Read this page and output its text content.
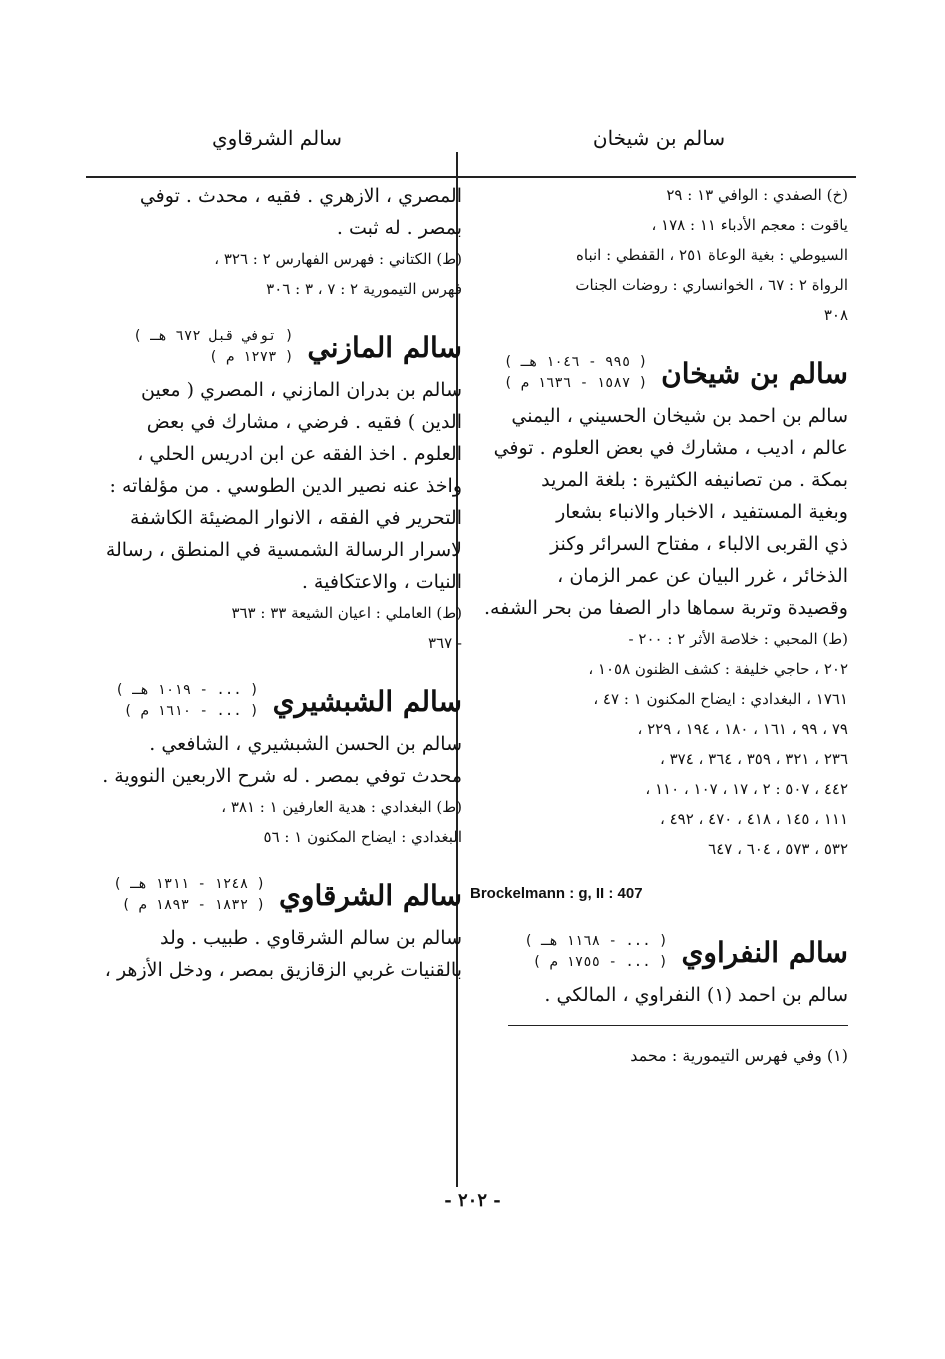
سالم بن شيخان

(خ) الصفدي : الوافي ١٣ : ٢٩

ياقوت : معجم الأدباء ١١ : ١٧٨ ،

السيوطي : بغية الوعاة ٢٥١ ، القفطي : انباه

الرواة ٢ : ٦٧ ، الخوانساري : روضات الجنات

٣٠٨

سالم بن شيخان
( ٩٩٥ - ١٠٤٦ هـ )
( ١٥٨٧ - ١٦٣٦ م )

سالم بن احمد بن شيخان الحسيني ، اليمني

عالم ، اديب ، مشارك في بعض العلوم . توفي

بمكة . من تصانيفه الكثيرة : بلغة المريد

وبغية المستفيد ، الاخبار والانباء بشعار

ذي القربى الالباء ، مفتاح السرائر وكنز

الذخائر ، غرر البيان عن عمر الزمان ،

وقصيدة وتربة سماها دار الصفا من بحر الشفه.

(ط) المحبي : خلاصة الأثر ٢ : ٢٠٠ -

٢٠٢ ، حاجي خليفة : كشف الظنون ١٠٥٨ ،

١٧٦١ ، البغدادي : ايضاح المكنون ١ : ٤٧ ،

٧٩ ، ٩٩ ، ١٦١ ، ١٨٠ ، ١٩٤ ، ٢٢٩ ،

٢٣٦ ، ٣٢١ ، ٣٥٩ ، ٣٦٤ ، ٣٧٤ ،

٤٤٢ ، ٥٠٧ : ٢ ، ١٧ ، ١٠٧ ، ١١٠ ،

١١١ ، ١٤٥ ، ٤١٨ ، ٤٧٠ ، ٤٩٢ ،

٥٣٢ ، ٥٧٣ ، ٦٠٤ ، ٦٤٧

Brockelmann : g, II : 407

سالم النفراوي
( ... - ١١٦٨ هـ )
( ... - ١٧٥٥ م )

سالم بن احمد (١) النفراوي ، المالكي .

(١) وفي فهرس التيمورية : محمد

سالم الشرقاوي

المصري ، الازهري . فقيه ، محدث . توفي

بمصر . له ثبت .

(ط) الكتاني : فهرس الفهارس ٢ : ٣٢٦ ،

فهرس التيمورية ٢ : ٧ ، ٣ : ٣٠٦

سالم المازني
( توفي قبل ٦٧٢ هـ )
( ١٢٧٣ م )

سالم بن بدران المازني ، المصري ( معين

الدين ) فقيه . فرضي ، مشارك في بعض

العلوم . اخذ الفقه عن ابن ادريس الحلي ،

واخذ عنه نصير الدين الطوسي . من مؤلفاته :

التحرير في الفقه ، الانوار المضيئة الكاشفة

لاسرار الرسالة الشمسية في المنطق ، رسالة

النيات ، والاعتكافية .

(ط) العاملي : اعيان الشيعة ٣٣ : ٣٦٣

- ٣٦٧

سالم الشبشيري
( ... - ١٠١٩ هـ )
( ... - ١٦١٠ م )

سالم بن الحسن الشبشيري ، الشافعي .

محدث توفي بمصر . له شرح الاربعين النووية .

(ط) البغدادي : هدية العارفين ١ : ٣٨١ ،

البغدادي : ايضاح المكنون ١ : ٥٦

سالم الشرقاوي
( ١٢٤٨ - ١٣١١ هـ )
( ١٨٣٢ - ١٨٩٣ م )

سالم بن سالم الشرقاوي . طبيب . ولد

بالقنيات غربي الزقازيق بمصر ، ودخل الأزهر ،

- ٢٠٢ -
